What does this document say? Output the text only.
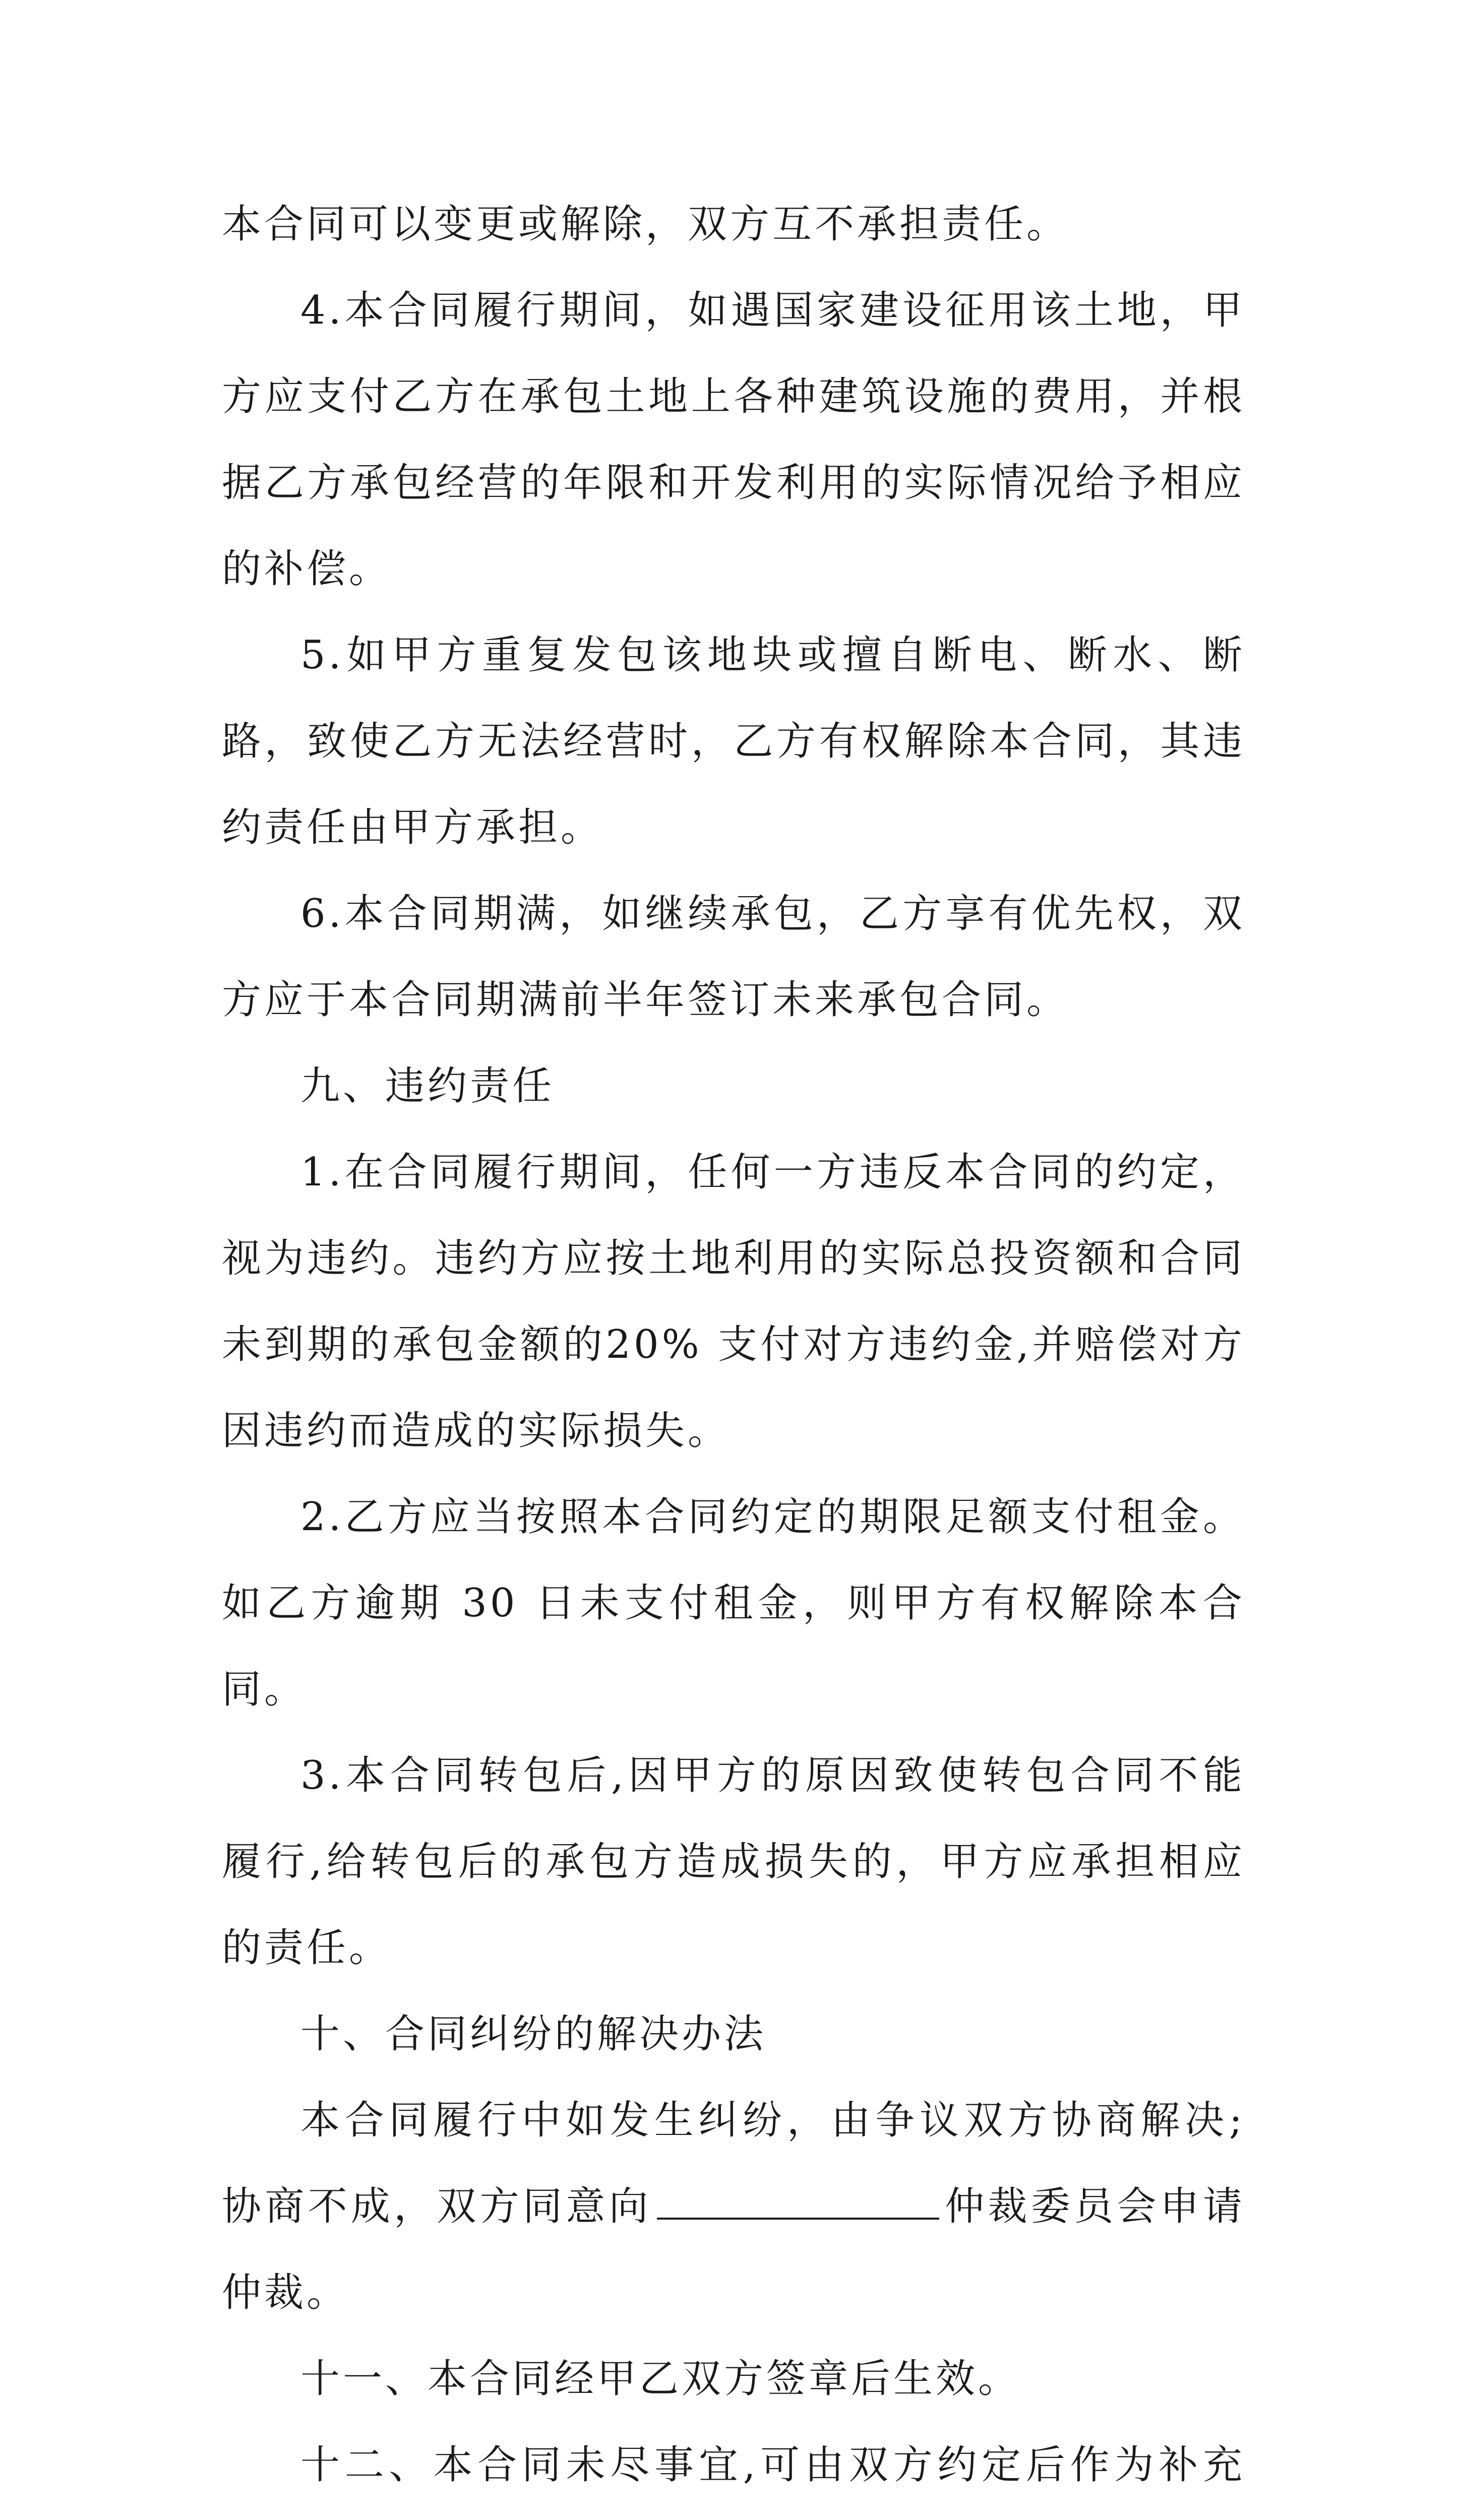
本合同可以变更或解除，双方互不承担责任。

4.本合同履行期间，如遇国家建设征用该土地，甲方应支付乙方在承包土地上各种建筑设施的费用，并根据乙方承包经营的年限和开发利用的实际情况给予相应的补偿。

5.如甲方重复发包该地块或擅自断电、断水、断路，致使乙方无法经营时，乙方有权解除本合同，其违约责任由甲方承担。

6.本合同期满，如继续承包，乙方享有优先权，双方应于本合同期满前半年签订未来承包合同。

九、违约责任

1.在合同履行期间，任何一方违反本合同的约定，视为违约。违约方应按土地利用的实际总投资额和合同未到期的承包金额的20% 支付对方违约金,并赔偿对方因违约而造成的实际损失。

2.乙方应当按照本合同约定的期限足额支付租金。如乙方逾期 30 日未支付租金，则甲方有权解除本合同。

3.本合同转包后,因甲方的原因致使转包合同不能履行,给转包后的承包方造成损失的，甲方应承担相应的责任。

十、合同纠纷的解决办法

本合同履行中如发生纠纷，由争议双方协商解决;协商不成，双方同意向	仲裁委员会申请仲裁。

十一、本合同经甲乙双方签章后生效。

十二、本合同未尽事宜,可由双方约定后作为补充
